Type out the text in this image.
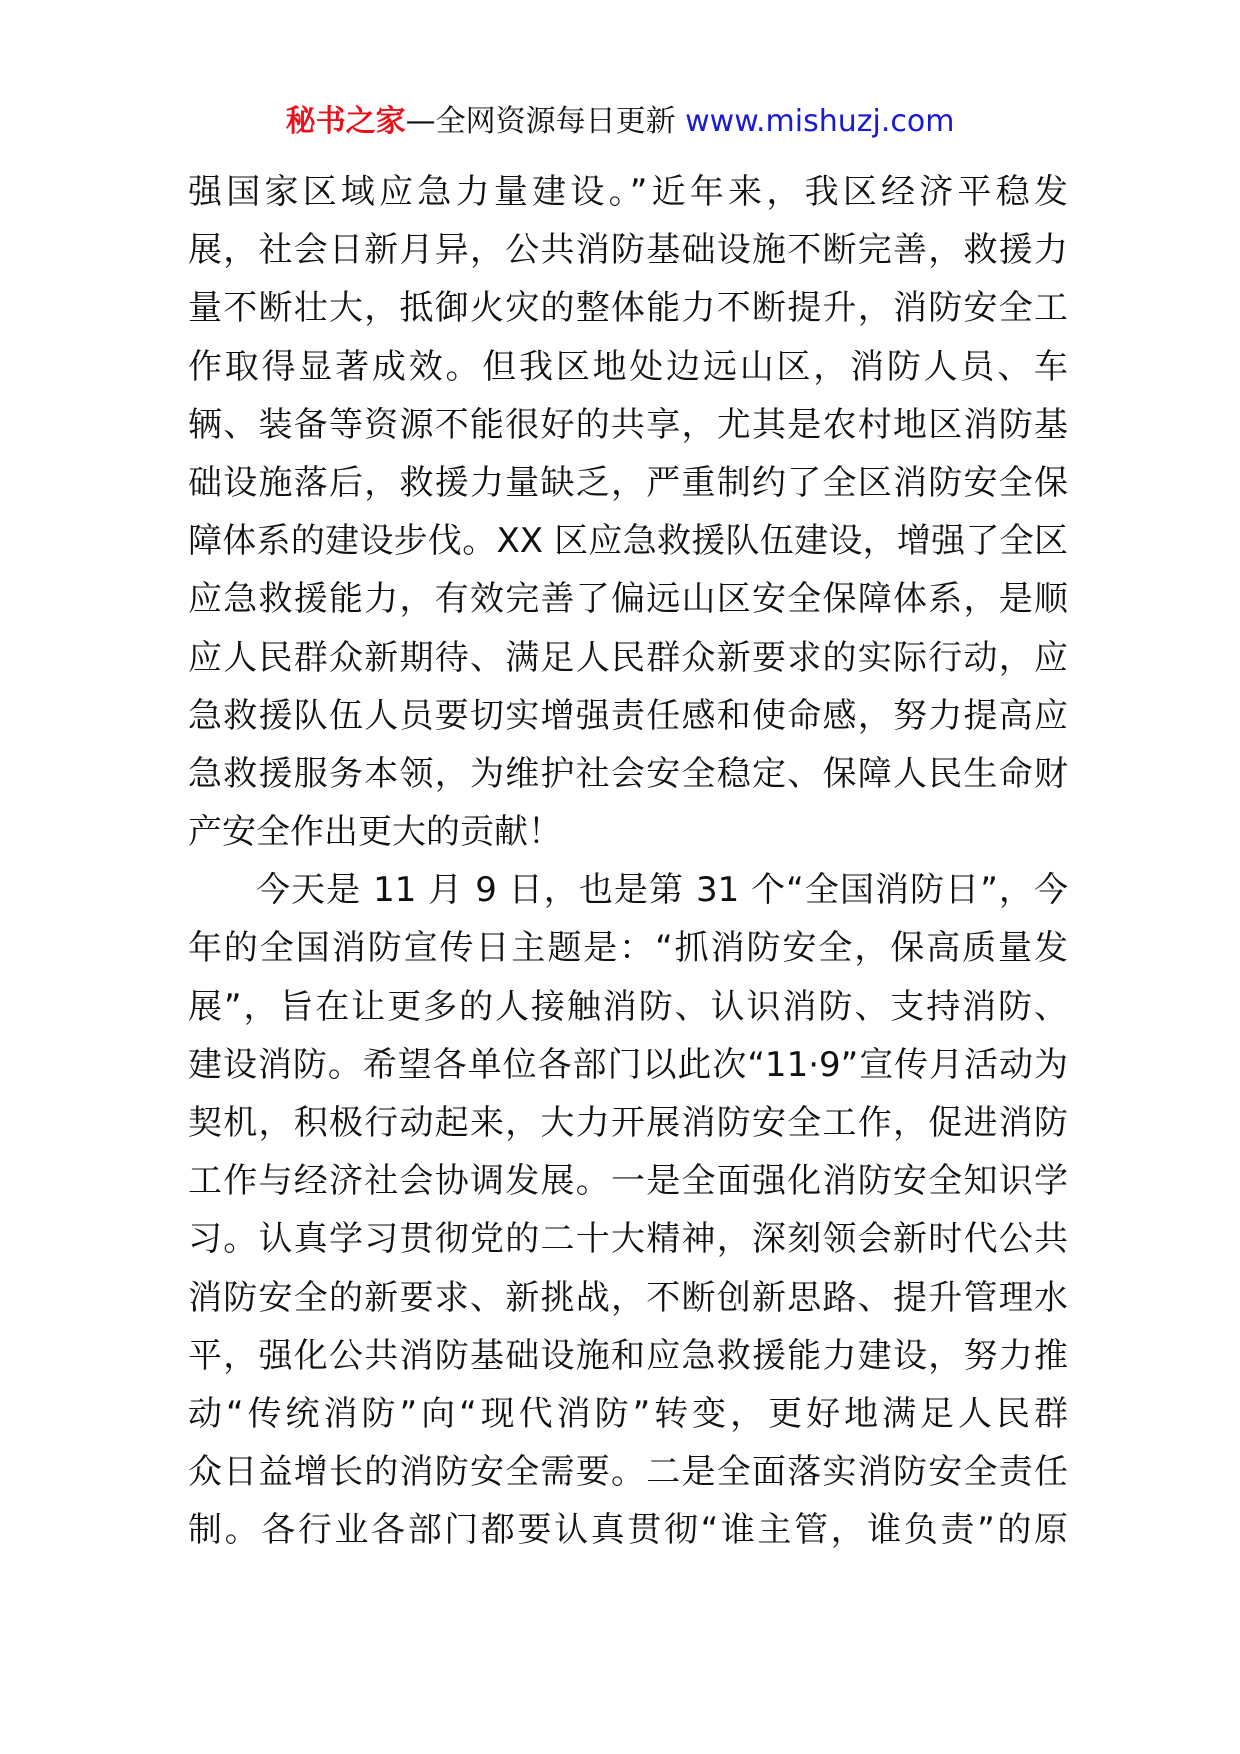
秘书之家—全网资源每日更新 www.mishuzj.com
强国家区域应急力量建设。”近年来，我区经济平稳发
展，社会日新月异，公共消防基础设施不断完善，救援力
量不断壮大，抵御火灾的整体能力不断提升，消防安全工
作取得显著成效。但我区地处边远山区，消防人员、车
辆、装备等资源不能很好的共享，尤其是农村地区消防基
础设施落后，救援力量缺乏，严重制约了全区消防安全保
障体系的建设步伐。XX 区应急救援队伍建设，增强了全区
应急救援能力，有效完善了偏远山区安全保障体系，是顺
应人民群众新期待、满足人民群众新要求的实际行动，应
急救援队伍人员要切实增强责任感和使命感，努力提高应
急救援服务本领，为维护社会安全稳定、保障人民生命财
产安全作出更大的贡献！
今天是 11 月 9 日，也是第 31 个“全国消防日”，今
年的全国消防宣传日主题是：“抓消防安全，保高质量发
展”，旨在让更多的人接触消防、认识消防、支持消防、
建设消防。希望各单位各部门以此次“11·9”宣传月活动为
契机，积极行动起来，大力开展消防安全工作，促进消防
工作与经济社会协调发展。一是全面强化消防安全知识学
习。认真学习贯彻党的二十大精神，深刻领会新时代公共
消防安全的新要求、新挑战，不断创新思路、提升管理水
平，强化公共消防基础设施和应急救援能力建设，努力推
动“传统消防”向“现代消防”转变，更好地满足人民群
众日益增长的消防安全需要。二是全面落实消防安全责任
制。各行业各部门都要认真贯彻“谁主管，谁负责”的原
